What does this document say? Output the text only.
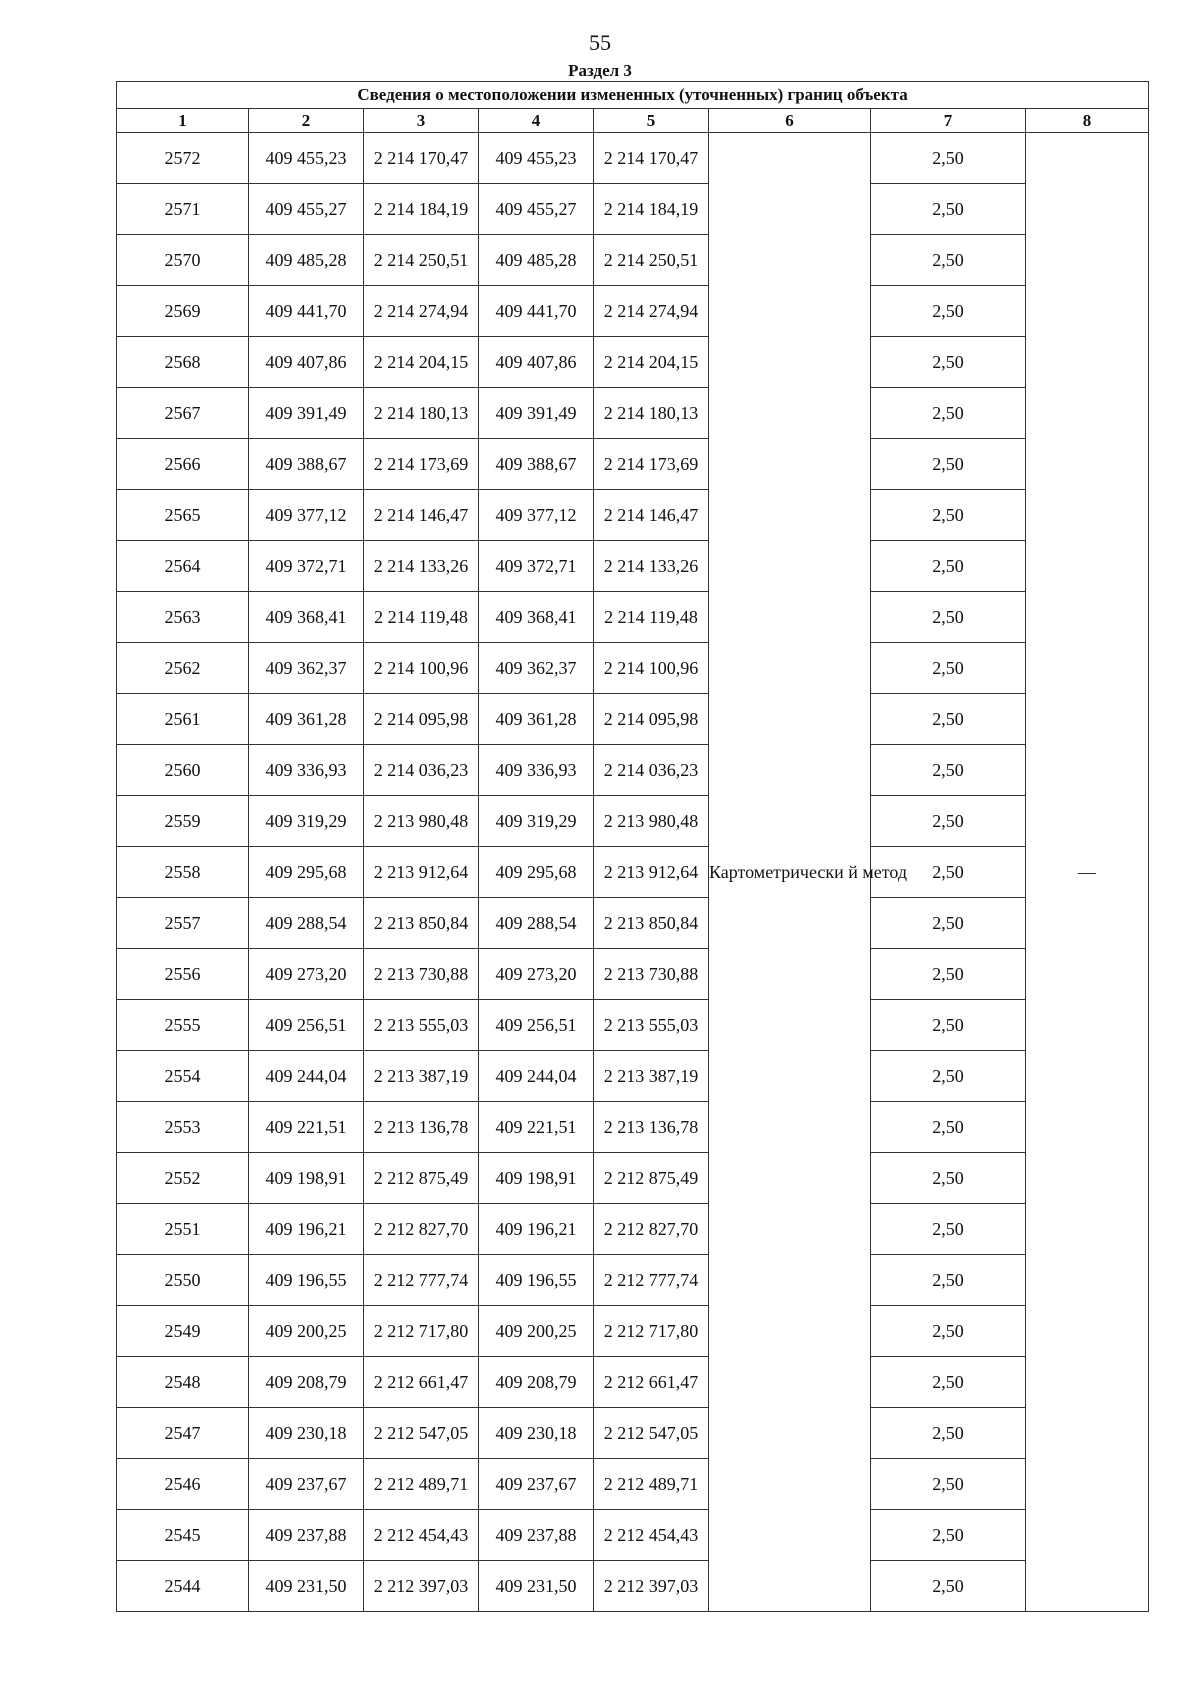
55
Раздел 3
Сведения о местоположении измененных (уточненных) границ объекта							
1	2	3	4	5	6	7	8
2572	409 455,23	2 214 170,47	409 455,23	2 214 170,47	Картометрически й метод	2,50	—
2571	409 455,27	2 214 184,19	409 455,27	2 214 184,19		2,50	
2570	409 485,28	2 214 250,51	409 485,28	2 214 250,51		2,50	
2569	409 441,70	2 214 274,94	409 441,70	2 214 274,94		2,50	
2568	409 407,86	2 214 204,15	409 407,86	2 214 204,15		2,50	
2567	409 391,49	2 214 180,13	409 391,49	2 214 180,13		2,50	
2566	409 388,67	2 214 173,69	409 388,67	2 214 173,69		2,50	
2565	409 377,12	2 214 146,47	409 377,12	2 214 146,47		2,50	
2564	409 372,71	2 214 133,26	409 372,71	2 214 133,26		2,50	
2563	409 368,41	2 214 119,48	409 368,41	2 214 119,48		2,50	
2562	409 362,37	2 214 100,96	409 362,37	2 214 100,96		2,50	
2561	409 361,28	2 214 095,98	409 361,28	2 214 095,98		2,50	
2560	409 336,93	2 214 036,23	409 336,93	2 214 036,23		2,50	
2559	409 319,29	2 213 980,48	409 319,29	2 213 980,48		2,50	
2558	409 295,68	2 213 912,64	409 295,68	2 213 912,64		2,50	
2557	409 288,54	2 213 850,84	409 288,54	2 213 850,84		2,50	
2556	409 273,20	2 213 730,88	409 273,20	2 213 730,88		2,50	
2555	409 256,51	2 213 555,03	409 256,51	2 213 555,03		2,50	
2554	409 244,04	2 213 387,19	409 244,04	2 213 387,19		2,50	
2553	409 221,51	2 213 136,78	409 221,51	2 213 136,78		2,50	
2552	409 198,91	2 212 875,49	409 198,91	2 212 875,49		2,50	
2551	409 196,21	2 212 827,70	409 196,21	2 212 827,70		2,50	
2550	409 196,55	2 212 777,74	409 196,55	2 212 777,74		2,50	
2549	409 200,25	2 212 717,80	409 200,25	2 212 717,80		2,50	
2548	409 208,79	2 212 661,47	409 208,79	2 212 661,47		2,50	
2547	409 230,18	2 212 547,05	409 230,18	2 212 547,05		2,50	
2546	409 237,67	2 212 489,71	409 237,67	2 212 489,71		2,50	
2545	409 237,88	2 212 454,43	409 237,88	2 212 454,43		2,50	
2544	409 231,50	2 212 397,03	409 231,50	2 212 397,03		2,50	
